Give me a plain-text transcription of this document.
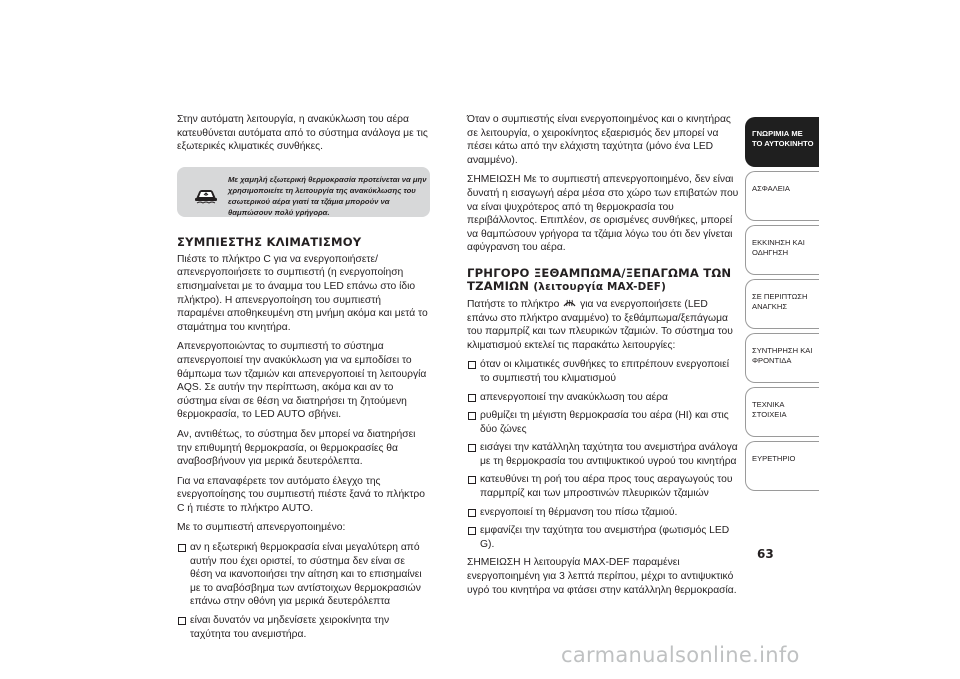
Στην αυτόματη λειτουργία, η ανακύκλωση του αέρα κατευθύνεται αυτόματα από το σύστημα ανάλογα με τις εξωτερικές κλιματικές συνθήκες.

Με χαμηλή εξωτερική θερμοκρασία προτείνεται να μην χρησιμοποιείτε τη λειτουργία της ανακύκλωσης του εσωτερικού αέρα γιατί τα τζάμια μπορούν να θαμπώσουν πολύ γρήγορα.
ΣΥΜΠΙΕΣΤΗΣ ΚΛΙΜΑΤΙΣΜΟΥ

Πιέστε το πλήκτρο C για να ενεργοποιήσετε/απενεργοποιήσετε το συμπιεστή (η ενεργοποίηση επισημαίνεται με το άναμμα του LED επάνω στο ίδιο πλήκτρο). Η απενεργοποίηση του συμπιεστή παραμένει αποθηκευμένη στη μνήμη ακόμα και μετά το σταμάτημα του κινητήρα.

Απενεργοποιώντας το συμπιεστή το σύστημα απενεργοποιεί την ανακύκλωση για να εμποδίσει το θάμπωμα των τζαμιών και απενεργοποιεί τη λειτουργία AQS. Σε αυτήν την περίπτωση, ακόμα και αν το σύστημα είναι σε θέση να διατηρήσει τη ζητούμενη θερμοκρασία, το LED AUTO σβήνει.

Αν, αντιθέτως, το σύστημα δεν μπορεί να διατηρήσει την επιθυμητή θερμοκρασία, οι θερμοκρασίες θα αναβοσβήνουν για μερικά δευτερόλεπτα.

Για να επαναφέρετε τον αυτόματο έλεγχο της ενεργοποίησης του συμπιεστή πιέστε ξανά το πλήκτρο C ή πιέστε το πλήκτρο AUTO.

Με το συμπιεστή απενεργοποιημένο:

αν η εξωτερική θερμοκρασία είναι μεγαλύτερη από αυτήν που έχει οριστεί, το σύστημα δεν είναι σε θέση να ικανοποιήσει την αίτηση και το επισημαίνει με το αναβόσβημα των αντίστοιχων θερμοκρασιών επάνω στην οθόνη για μερικά δευτερόλεπτα
είναι δυνατόν να μηδενίσετε χειροκίνητα την ταχύτητα του ανεμιστήρα.

Όταν ο συμπιεστής είναι ενεργοποιημένος και ο κινητήρας σε λειτουργία, ο χειροκίνητος εξαερισμός δεν μπορεί να πέσει κάτω από την ελάχιστη ταχύτητα (μόνο ένα LED αναμμένο).

ΣΗΜΕΙΩΣΗ Με το συμπιεστή απενεργοποιημένο, δεν είναι δυνατή η εισαγωγή αέρα μέσα στο χώρο των επιβατών που να είναι ψυχρότερος από τη θερμοκρασία του περιβάλλοντος. Επιπλέον, σε ορισμένες συνθήκες, μπορεί να θαμπώσουν γρήγορα τα τζάμια λόγω του ότι δεν γίνεται αφύγρανση του αέρα.

ΓΡΗΓΟΡΟ ΞΕΘΑΜΠΩΜΑ/ΞΕΠΑΓΩΜΑ ΤΩΝ ΤΖΑΜΙΩΝ (λειτουργία MAX-DEF)

Πατήστε το πλήκτρο για να ενεργοποιήσετε (LED επάνω στο πλήκτρο αναμμένο) το ξεθάμπωμα/ξεπάγωμα του παρμπρίζ και των πλευρικών τζαμιών. Το σύστημα του κλιματισμού εκτελεί τις παρακάτω λειτουργίες:

όταν οι κλιματικές συνθήκες το επιτρέπουν ενεργοποιεί το συμπιεστή του κλιματισμού
απενεργοποιεί την ανακύκλωση του αέρα
ρυθμίζει τη μέγιστη θερμοκρασία του αέρα (HI) και στις δύο ζώνες
εισάγει την κατάλληλη ταχύτητα του ανεμιστήρα ανάλογα με τη θερμοκρασία του αντιψυκτικού υγρού του κινητήρα
κατευθύνει τη ροή του αέρα προς τους αεραγωγούς του παρμπρίζ και των μπροστινών πλευρικών τζαμιών
ενεργοποιεί τη θέρμανση του πίσω τζαμιού.
εμφανίζει την ταχύτητα του ανεμιστήρα (φωτισμός LED G).

ΣΗΜΕΙΩΣΗ Η λειτουργία MAX-DEF παραμένει ενεργοποιημένη για 3 λεπτά περίπου, μέχρι το αντιψυκτικό υγρό του κινητήρα να φτάσει στην κατάλληλη θερμοκρασία.

ΓΝΩΡΙΜΙΑ ΜΕ ΤΟ ΑΥΤΟΚΙΝΗΤΟ
ΑΣΦΑΛΕΙΑ
ΕΚΚΙΝΗΣΗ ΚΑΙ ΟΔΗΓΗΣΗ
ΣΕ ΠΕΡΙΠΤΩΣΗ ΑΝΑΓΚΗΣ
ΣΥΝΤΗΡΗΣΗ ΚΑΙ ΦΡΟΝΤΙΔΑ
ΤΕΧΝΙΚΑ ΣΤΟΙΧΕΙΑ
ΕΥΡΕΤΗΡΙΟ
63
carmanualsonline.info
